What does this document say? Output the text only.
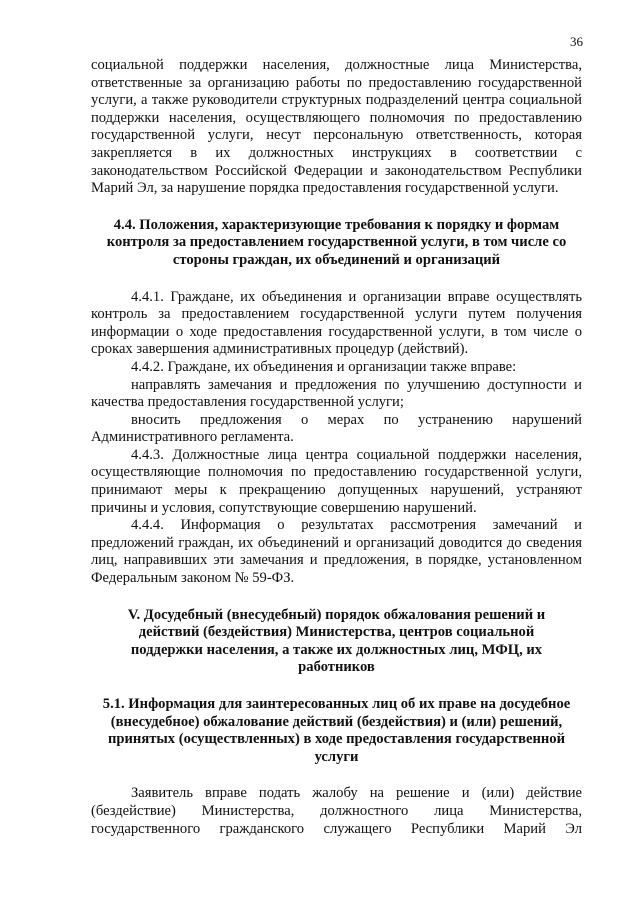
36

социальной поддержки населения, должностные лица Министерства, ответственные за организацию работы по предоставлению государственной услуги, а также руководители структурных подразделений центра социальной поддержки населения, осуществляющего полномочия по предоставлению государственной услуги, несут персональную ответственность, которая закрепляется в их должностных инструкциях в соответствии с законодательством Российской Федерации и законодательством Республики Марий Эл, за нарушение порядка предоставления государственной услуги.

4.4. Положения, характеризующие требования к порядку и формам контроля за предоставлением государственной услуги, в том числе со стороны граждан, их объединений и организаций

4.4.1. Граждане, их объединения и организации вправе осуществлять контроль за предоставлением государственной услуги путем получения информации о ходе предоставления государственной услуги, в том числе о сроках завершения административных процедур (действий).

4.4.2. Граждане, их объединения и организации также вправе:

направлять замечания и предложения по улучшению доступности и качества предоставления государственной услуги;

вносить предложения о мерах по устранению нарушений Административного регламента.

4.4.3. Должностные лица центра социальной поддержки населения, осуществляющие полномочия по предоставлению государственной услуги, принимают меры к прекращению допущенных нарушений, устраняют причины и условия, сопутствующие совершению нарушений.

4.4.4. Информация о результатах рассмотрения замечаний и предложений граждан, их объединений и организаций доводится до сведения лиц, направивших эти замечания и предложения, в порядке, установленном Федеральным законом № 59-ФЗ.

V. Досудебный (внесудебный) порядок обжалования решений и действий (бездействия) Министерства, центров социальной поддержки населения, а также их должностных лиц, МФЦ, их работников

5.1. Информация для заинтересованных лиц об их праве на досудебное (внесудебное) обжалование действий (бездействия) и (или) решений, принятых (осуществленных) в ходе предоставления государственной услуги

Заявитель вправе подать жалобу на решение и (или) действие (бездействие) Министерства, должностного лица Министерства, государственного гражданского служащего Республики Марий Эл
